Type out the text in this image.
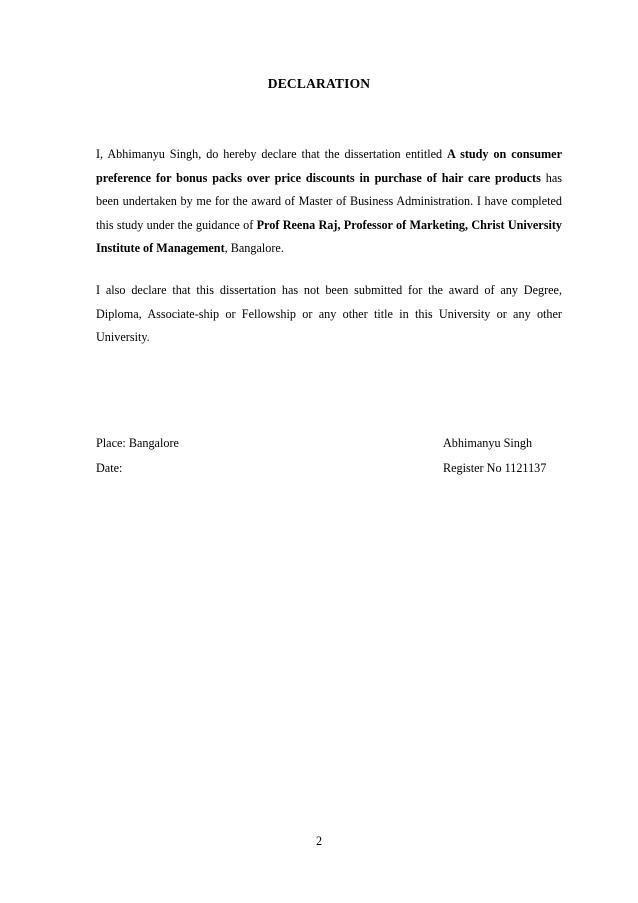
DECLARATION
I, Abhimanyu Singh, do hereby declare that the dissertation entitled A study on consumer preference for bonus packs over price discounts in purchase of hair care products has been undertaken by me for the award of Master of Business Administration. I have completed this study under the guidance of Prof Reena Raj, Professor of Marketing, Christ University Institute of Management, Bangalore.
I also declare that this dissertation has not been submitted for the award of any Degree, Diploma, Associate-ship or Fellowship or any other title in this University or any other University.
Place: Bangalore	Abhimanyu Singh
Date:	Register No 1121137
2
